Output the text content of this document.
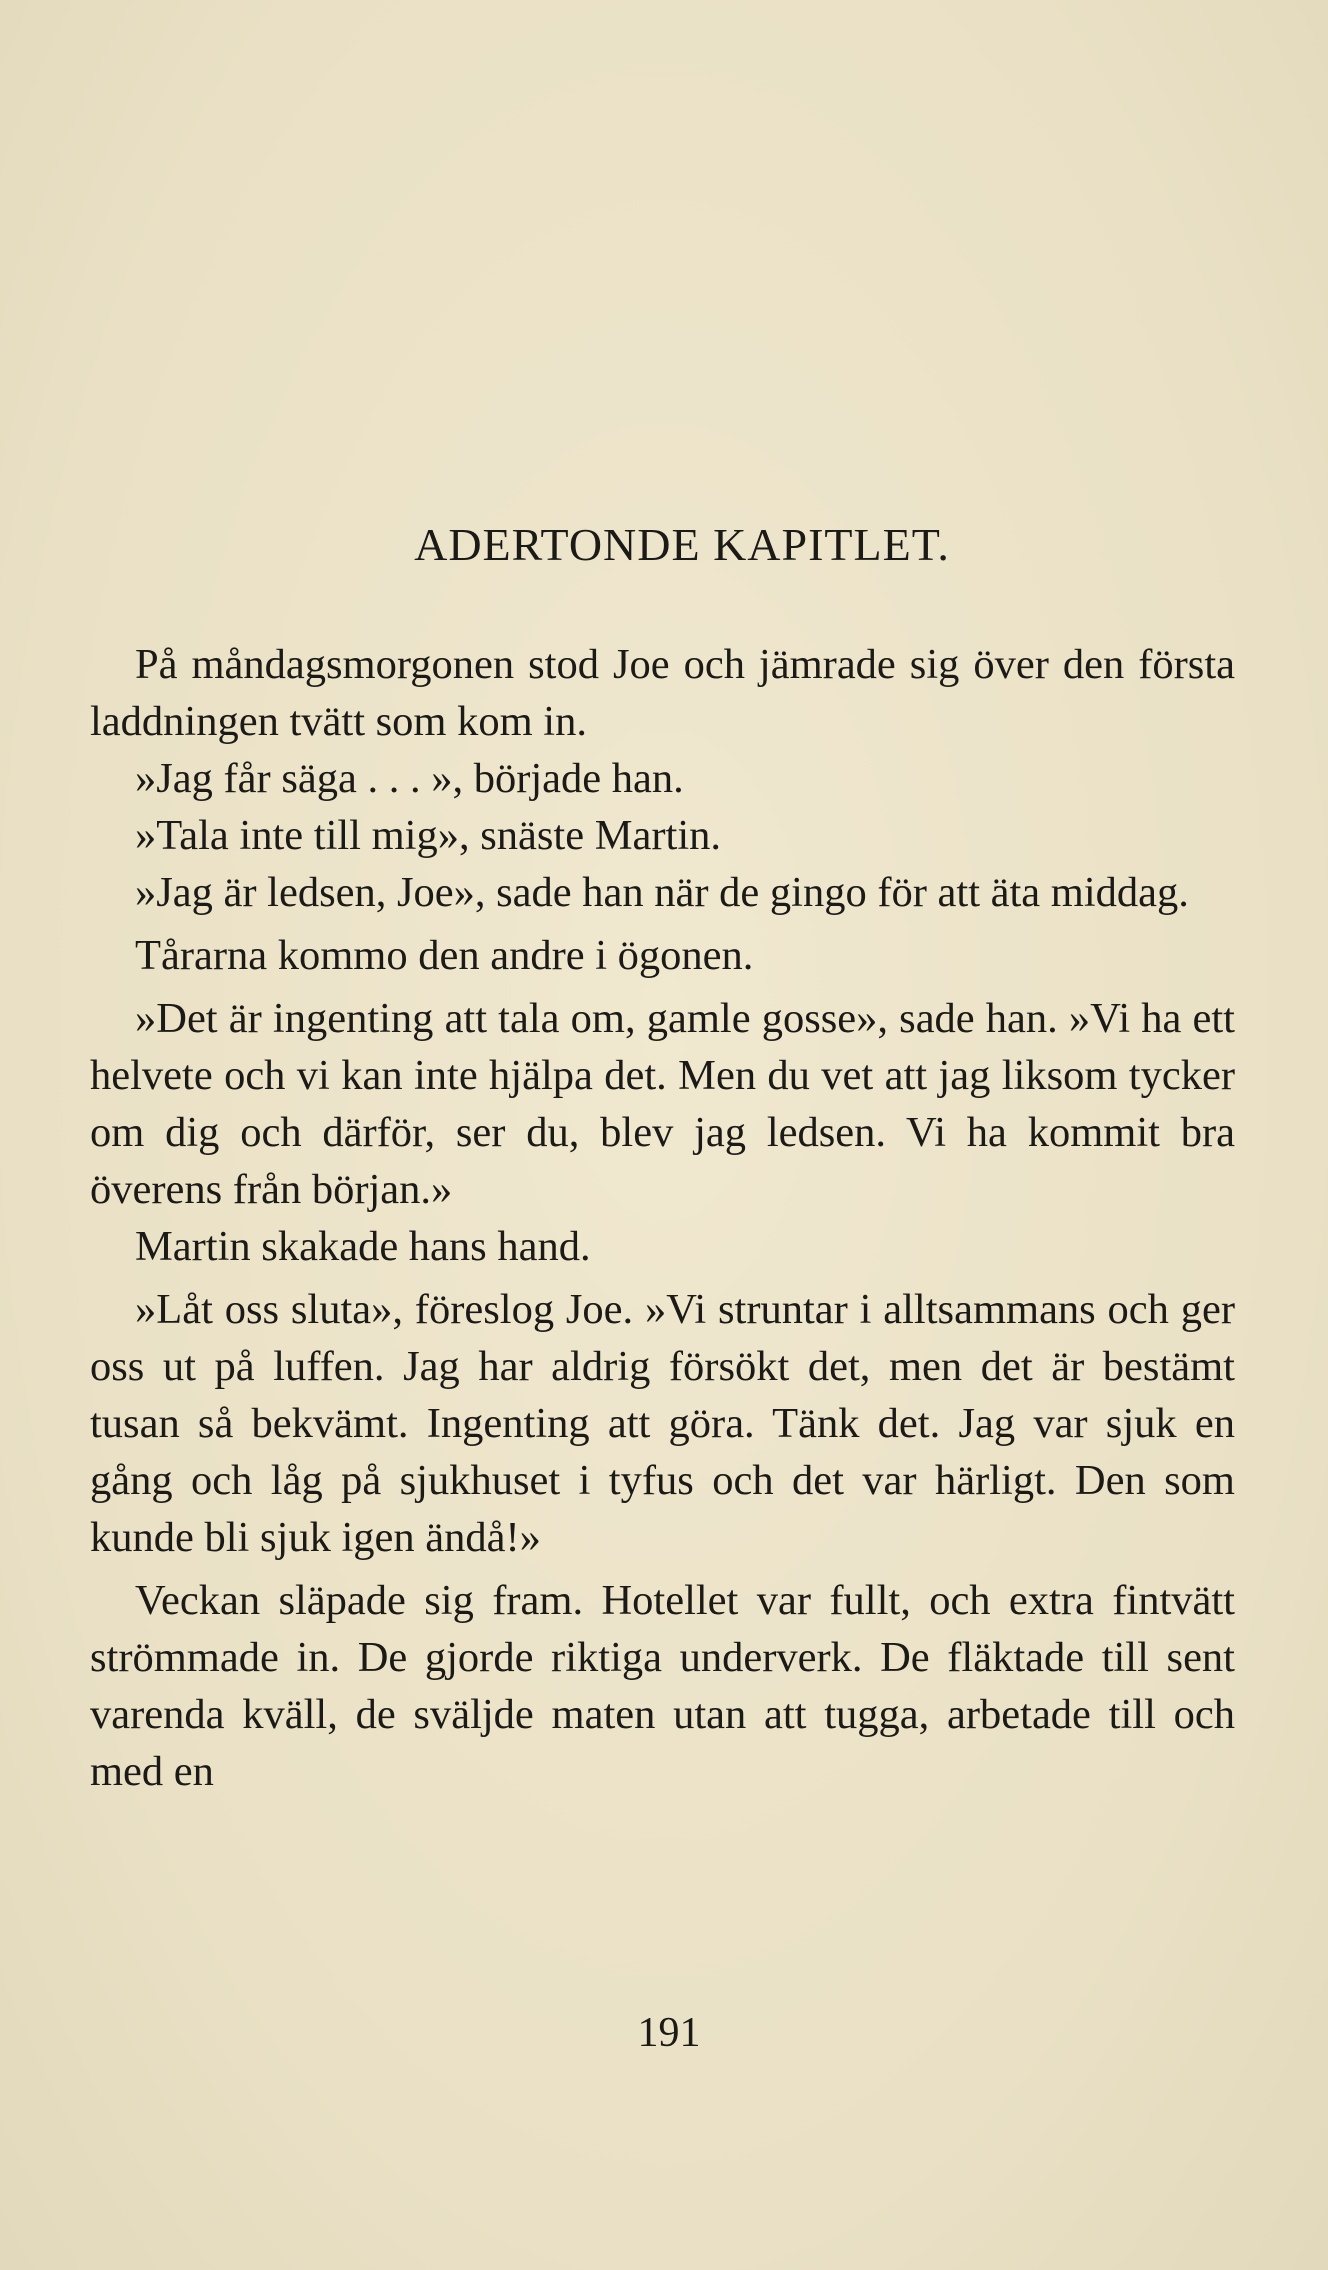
ADERTONDE KAPITLET.

På måndagsmorgonen stod Joe och jämrade sig över den första laddningen tvätt som kom in.

»Jag får säga . . . », började han.

»Tala inte till mig», snäste Martin.

»Jag är ledsen, Joe», sade han när de gingo för att äta middag.

Tårarna kommo den andre i ögonen.

»Det är ingenting att tala om, gamle gosse», sade han. »Vi ha ett helvete och vi kan inte hjälpa det. Men du vet att jag liksom tycker om dig och därför, ser du, blev jag ledsen. Vi ha kommit bra överens från början.»

Martin skakade hans hand.

»Låt oss sluta», föreslog Joe. »Vi struntar i alltsammans och ger oss ut på luffen. Jag har aldrig försökt det, men det är bestämt tusan så bekvämt. Ingenting att göra. Tänk det. Jag var sjuk en gång och låg på sjukhuset i tyfus och det var härligt. Den som kunde bli sjuk igen ändå!»

Veckan släpade sig fram. Hotellet var fullt, och extra fintvätt strömmade in. De gjorde riktiga underverk. De fläktade till sent varenda kväll, de sväljde maten utan att tugga, arbetade till och med en

191
